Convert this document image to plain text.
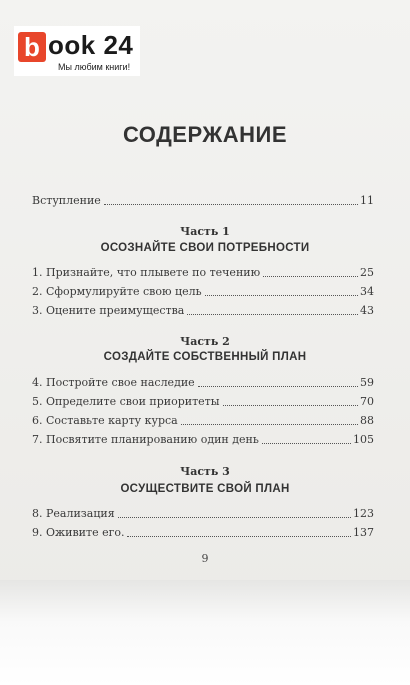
b ook 24
Мы любим книги!
СОДЕРЖАНИЕ
Вступление	11
Часть 1
ОСОЗНАЙТЕ СВОИ ПОТРЕБНОСТИ
1. Признайте, что плывете по течению	25
2. Сформулируйте свою цель	34
3. Оцените преимущества	43
Часть 2
СОЗДАЙТЕ СОБСТВЕННЫЙ ПЛАН
4. Постройте свое наследие	59
5. Определите свои приоритеты	70
6. Составьте карту курса	88
7. Посвятите планированию один день	105
Часть 3
ОСУЩЕСТВИТЕ СВОЙ ПЛАН
8. Реализация	123
9. Оживите его.	137
9
